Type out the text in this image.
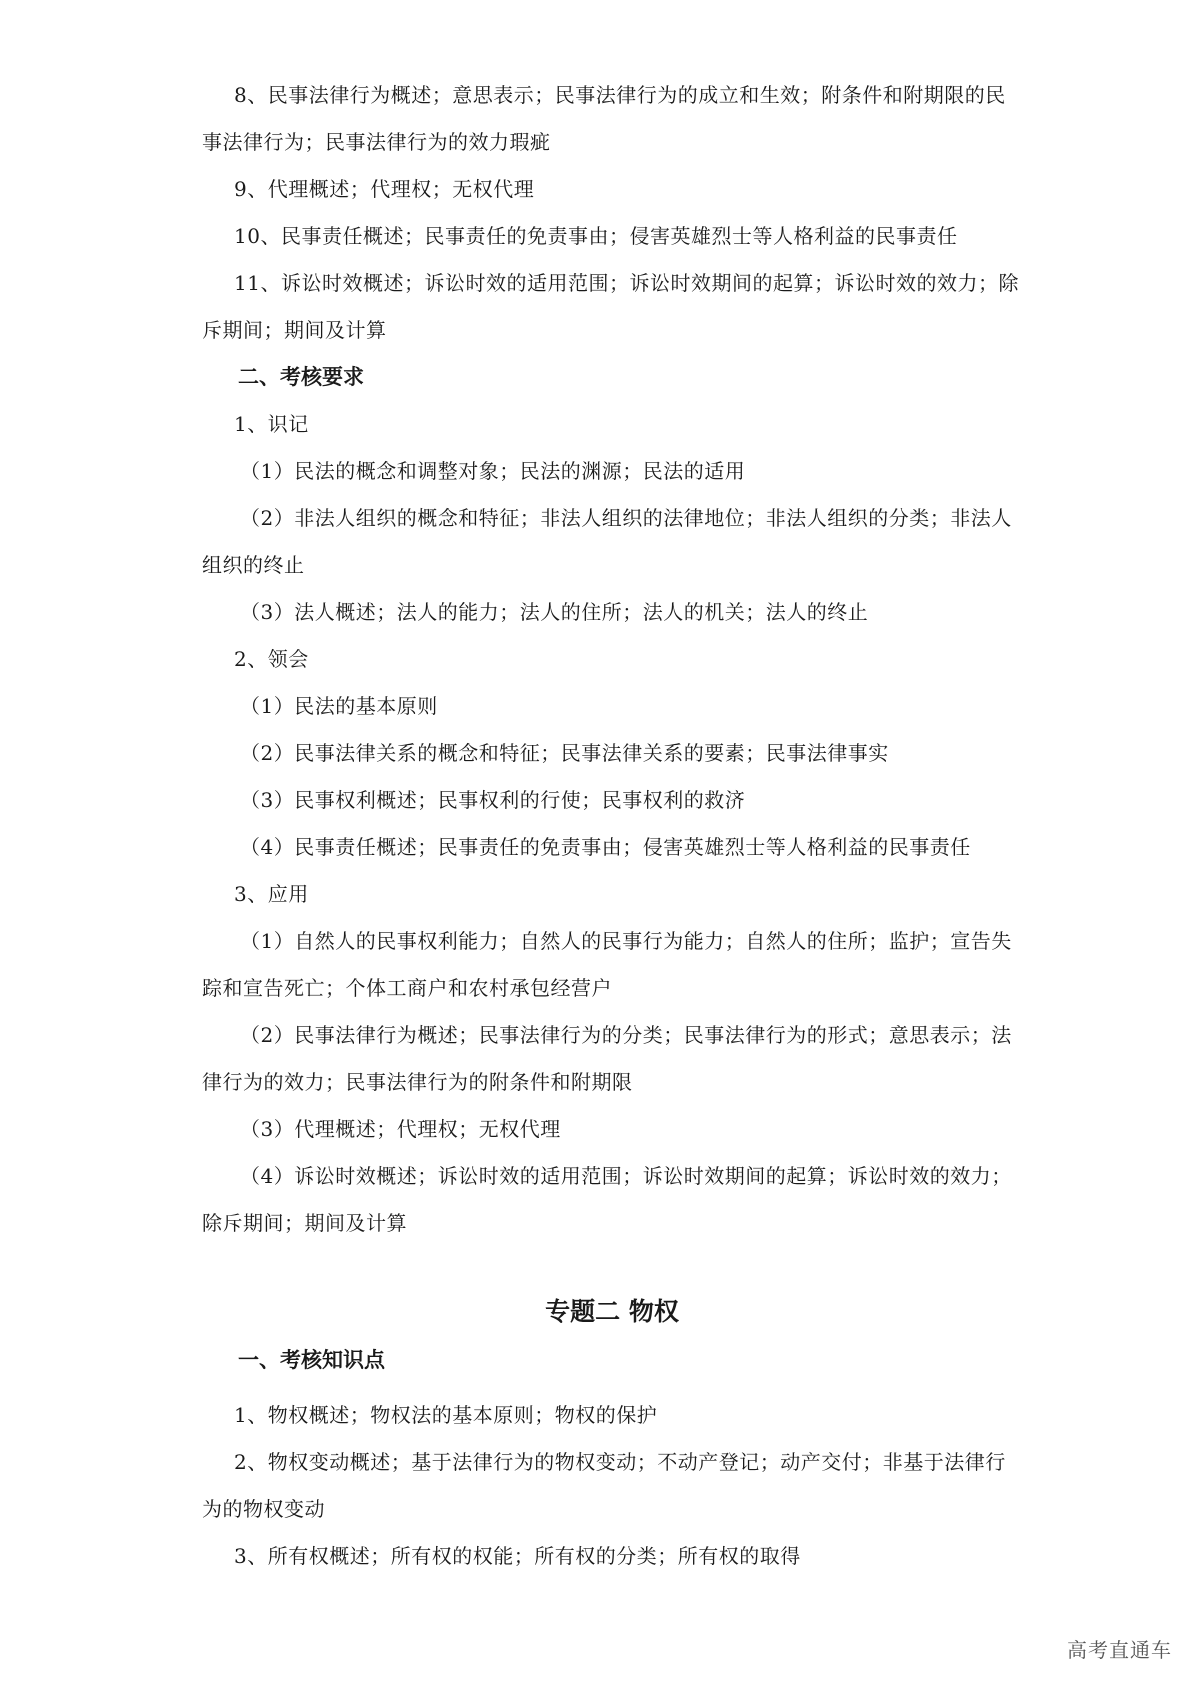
8、民事法律行为概述；意思表示；民事法律行为的成立和生效；附条件和附期限的民事法律行为；民事法律行为的效力瑕疵

9、代理概述；代理权；无权代理

10、民事责任概述；民事责任的免责事由；侵害英雄烈士等人格利益的民事责任

11、诉讼时效概述；诉讼时效的适用范围；诉讼时效期间的起算；诉讼时效的效力；除斥期间；期间及计算

二、考核要求

1、识记

（1）民法的概念和调整对象；民法的渊源；民法的适用

（2）非法人组织的概念和特征；非法人组织的法律地位；非法人组织的分类；非法人组织的终止

（3）法人概述；法人的能力；法人的住所；法人的机关；法人的终止

2、领会

（1）民法的基本原则

（2）民事法律关系的概念和特征；民事法律关系的要素；民事法律事实

（3）民事权利概述；民事权利的行使；民事权利的救济

（4）民事责任概述；民事责任的免责事由；侵害英雄烈士等人格利益的民事责任

3、应用

（1）自然人的民事权利能力；自然人的民事行为能力；自然人的住所；监护；宣告失踪和宣告死亡；个体工商户和农村承包经营户

（2）民事法律行为概述；民事法律行为的分类；民事法律行为的形式；意思表示；法律行为的效力；民事法律行为的附条件和附期限

（3）代理概述；代理权；无权代理

（4）诉讼时效概述；诉讼时效的适用范围；诉讼时效期间的起算；诉讼时效的效力；除斥期间；期间及计算

专题二 物权
一、考核知识点

1、物权概述；物权法的基本原则；物权的保护

2、物权变动概述；基于法律行为的物权变动；不动产登记；动产交付；非基于法律行为的物权变动

3、所有权概述；所有权的权能；所有权的分类；所有权的取得

高考直通车
